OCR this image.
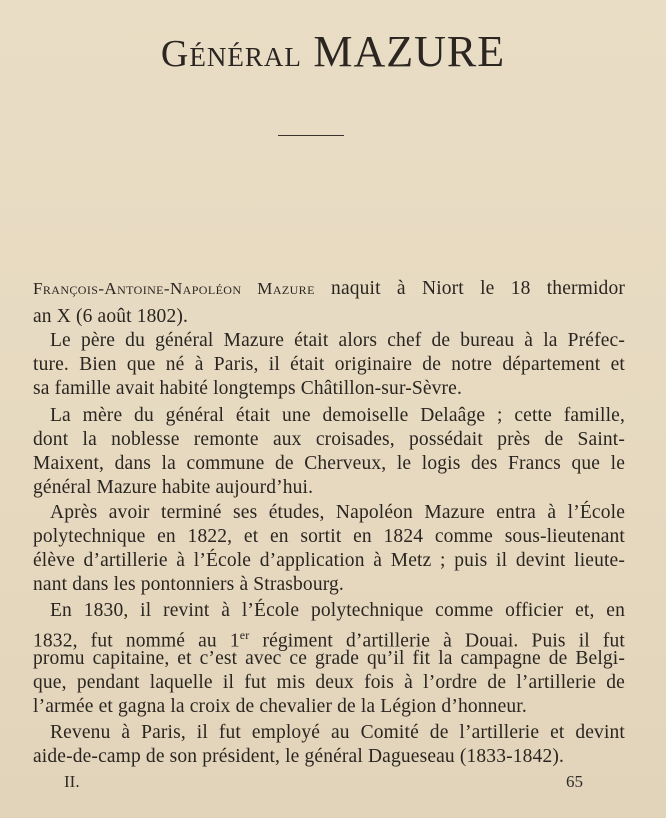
Général MAZURE
François-Antoine-Napoléon Mazure naquit à Niort le 18 thermidor
an X (6 août 1802).
Le père du général Mazure était alors chef de bureau à la Préfec-
ture. Bien que né à Paris, il était originaire de notre département et
sa famille avait habité longtemps Châtillon-sur-Sèvre.
La mère du général était une demoiselle Delaâge ; cette famille,
dont la noblesse remonte aux croisades, possédait près de Saint-
Maixent, dans la commune de Cherveux, le logis des Francs que le
général Mazure habite aujourd’hui.
Après avoir terminé ses études, Napoléon Mazure entra à l’École
polytechnique en 1822, et en sortit en 1824 comme sous-lieutenant
élève d’artillerie à l’École d’application à Metz ; puis il devint lieute-
nant dans les pontonniers à Strasbourg.
En 1830, il revint à l’École polytechnique comme officier et, en
1832, fut nommé au 1er régiment d’artillerie à Douai. Puis il fut
promu capitaine, et c’est avec ce grade qu’il fit la campagne de Belgi-
que, pendant laquelle il fut mis deux fois à l’ordre de l’artillerie de
l’armée et gagna la croix de chevalier de la Légion d’honneur.
Revenu à Paris, il fut employé au Comité de l’artillerie et devint
aide-de-camp de son président, le général Dagueseau (1833-1842).
II.	65
